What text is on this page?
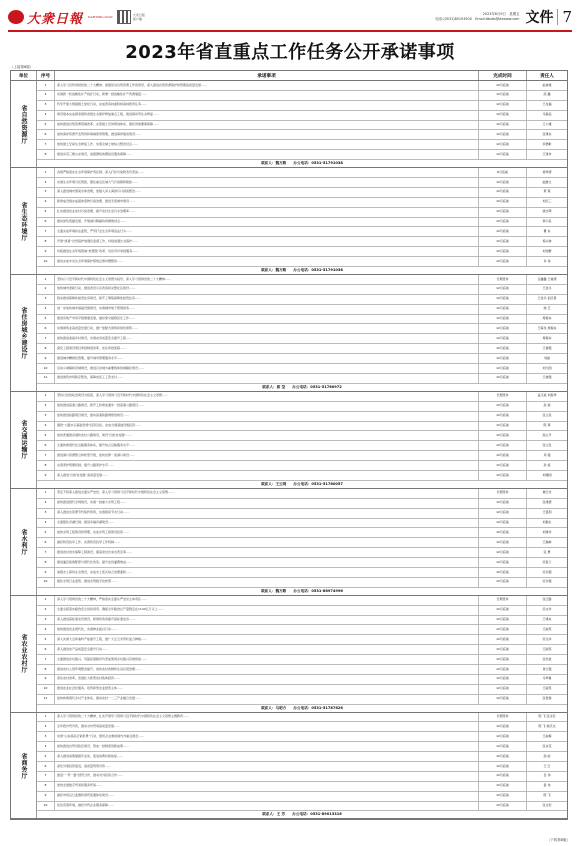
大衆日報 DAZHONG DAILY	大众日报
客户端
2023年6月9日　星期五
电话:(0531)85193500　Email:dbzbs@dzwww.com 文件 7
2023年省直重点工作任务公开承诺事项
（上接第6版）
单位	序号	承诺事项	完成时间	责任人
省自然资源厅
1	深入学习宣传贯彻党的二十大精神，加强党对自然资源工作的领导，深入推进自然资源保护和管理高质量发展……	12月底前	赵迪建
2	实施新一轮战略性矿产找矿行动，新增一批战略性矿产资源储量……	12月底前	邱 鑫
3	科学开展大规模国土绿化行动，完成营造林面积和森林抚育任务……	12月底前	王兆福
4	建设基本完成国家级和省级生态保护修复重点工程，推进海岸带生态修复……	12月底前	马春远
5	加快推进自然资源领域改革，完善国土空间规划体系，强化用地要素保障……	12月底前	王小雄
6	加快海洋资源开发利用和海域使用管理，推进海洋强省建设……	12月底前	张建东
7	加快国土空间生态修复工作，实施全域土地综合整治试点……	12月底前	李德彬
8	推进实景三维山东建设，加强测绘地理信息服务保障……	12月底前	王建华
联系人：魏万路　　办公电话：0531-51791038
省生态环境厅
1	各级严格落实生态环境保护责任制，深入打好污染防治攻坚战……	6月底前	徐翠清
2	实施生态环境分区管控，强化重点区域大气污染联防联控……	12月底前	赵继义
3	深入推进城市黑臭水体治理，加强入河入海排污口排查整治……	12月底前	贾 燕
4	新建成设施完成固体废物污染治理，推进无废城市建设……	12月底前	刘庆三
5	扎实推进农业农村污染治理，提升农村生活污水治理率……	12月底前	姚志辉
6	推动绿色低碳发展，开展减污降碳协同增效试点……	12月底前	贾小民
7	全面完成环境执法监管，严厉打击生态环境违法行为……	12月底前	曹 东
8	开展“绿盾”自然保护地强化监督工作，持续加强生态保护……	12月底前	杨兴林
9	持续推进生态环境领域“放管服”改革，优化环评审批服务……	12月底前	刘伟群
10	推动完成中央生态环境保护督察反馈问题整改……	12月底前	许 伟
联系人：魏万路　　办公电话：0531-51791038
省住房城乡建设厅
1	坚持以习近平新时代中国特色社会主义思想为指导，深入学习贯彻党的二十大精神……	长期坚持	任鑫鑫 王树清
2	加快城市更新行动，推进老旧小区改造和完整社区建设……	12月底前	王金兵
3	稳步推进保障性租赁住房建设，新开工筹集保障性租赁住房……	12月底前	王金兵 伯庆喜
4	进一步加快城市基础设施建设，实施城市地下管网改造……	12月底前	姚 芝
5	推进房地产市场平稳健康发展，做好保交楼稳民生工作……	12月底前	周春东
6	实施建筑业高质量发展行动，推广装配式建筑和绿色建筑……	12月底前	王海龙 周春东
7	加快推进美丽乡村建设，实施农房质量安全提升工程……	12月底前	周春东
8	深化工程建设项目审批制度改革，优化审批流程……	12月底前	王树强
9	推进城市精细化管理，提升城市管理服务水平……	12月底前	刘丽
10	启动小城镇和县城建设，推进以县城为重要载体的城镇化建设……	12月底前	刘大国
11	推进建筑市场秩序整治，保障农民工工资支付……	12月底前	王树强
联系人：郭 莹　　办公电话：0531-51760972
省交通运输厅
1	坚持以党的政治建设为统领，深入学习贯彻习近平新时代中国特色社会主义思想……	长期坚持	孟汉斌 刘爱珍
2	加快推进高速公路建设，新开工和建成通车一批高速公路项目……	12月底前	孙 斌
3	加快推进铁路项目建设，推动高速铁路网规划建设……	12月底前	张立民
4	围绕“公路水运基础设施”投资目标，完成交通基础设施投资……	12月底前	陈 琢
5	加快普通国省道和农村公路建设，建设“四好农村路”……	12月底前	高立平
6	全面构建现代化运输服务体系，提升综合运输服务水平……	12月底前	张立民
7	推进港口资源整合和转型升级，加快世界一流港口建设……	12月底前	邓 强
8	完善养护管理机制，提升公路养护水平……	12月底前	孙 斌
9	深入推进“四好农村路”高质量发展……	12月底前	刘建国
联系人：王云鸿　　办公电话：0531-51760057
省水利厅
1	坚定不移深入推进全面从严治党，深入学习贯彻习近平新时代中国特色社会主义思想……	长期坚持	黄红光
2	加快推进现代水网建设，实施一批重大水利工程……	12月底前	张建德
3	深入推进水资源节约集约利用，实施国家节水行动……	12月底前	王铭利
4	全面强化河湖长制，推进幸福河湖建设……	12月底前	刘春生
5	加快水利工程建设和管理，完成水利工程建设投资……	12月底前	刘建华
6	做好防汛抗旱工作，完善防汛抗旱工作机制……	12月底前	王瑞林
7	推进农村供水保障工程建设，提高农村自来水普及率……	12月底前	张 勇
8	推进灌区续建配套与现代化改造，提升农田灌溉效益……	12月底前	宋爱兰
9	加强水土保持生态建设，完成水土流失综合治理面积……	12月底前	宋书强
10	强化水利行业监管，推进水利数字化转型……	12月底前	宋书强
联系人：魏万路　　办公电话：0531-86974996
省农业农村厅
1	深入学习贯彻党的二十大精神，严格落实全面从严治党主体责任……	长期坚持	张红路
2	全面全程落实粮食安全党政同责，确保全年粮食总产量稳定在1100亿斤以上……	12月底前	宋文华
3	深入推进高标准农田建设，新建和改造提升高标准农田……	12月底前	王建东
4	加快推进农业现代化，实施种业振兴行动……	12月底前	王淑英
5	深入实施大豆和油料产能提升工程，推广大豆玉米带状复合种植……	12月底前	宋文华
6	深入推进农产品质量安全提升行动……	12月底前	王淑英
7	全面推进乡村振兴，巩固拓展脱贫攻坚成果同乡村振兴有效衔接……	12月底前	张先波
8	推进农村人居环境整治提升，加快农村改厕和生活垃圾治理……	12月底前	肖红强
9	深化农村改革，发展壮大新型农村集体经济……	12月底前	马翠鲁
10	推进农业社会化服务，培育新型农业经营主体……	12月底前	王淑英
11	加快构建现代乡村产业体系，推动农村一二三产业融合发展……	12月底前	张贵春
联系人：马明方　　办公电话：0531-51787626
省商务厅
1	深入学习贯彻党的二十大精神，扎实开展学习贯彻习近平新时代中国特色社会主义思想主题教育……	长期坚持	陈 飞 张文宏
2	全年稳外贸外资，推动对外贸易高质量发展……	12月底前	陈 飞 杨庆文
3	实施“山东商品行销世界”行动，组织企业参加境内外重点展会……	12月底前	王淑梅
4	加快推进自贸试验区建设，形成一批制度创新成果……	12月底前	张永花
5	深入推进消费提振年活动，促进消费持续恢复……	12月底前	孙 晗
6	深化外商投资促进，高质量利用外资……	12月底前	王 红
7	推进“一带一路”经贸合作，推动对外投资合作……	12月底前	吕 伟
8	加快发展数字贸易和服务贸易……	12月底前	姜 伟
9	做好市场运行监测和商贸流通体系建设……	12月底前	陈 飞
10	优化营商环境，做好外贸企业服务保障……	12月底前	张文宏
联系人：王 芳　　办公电话：0531-89013316
（下转第8版）
